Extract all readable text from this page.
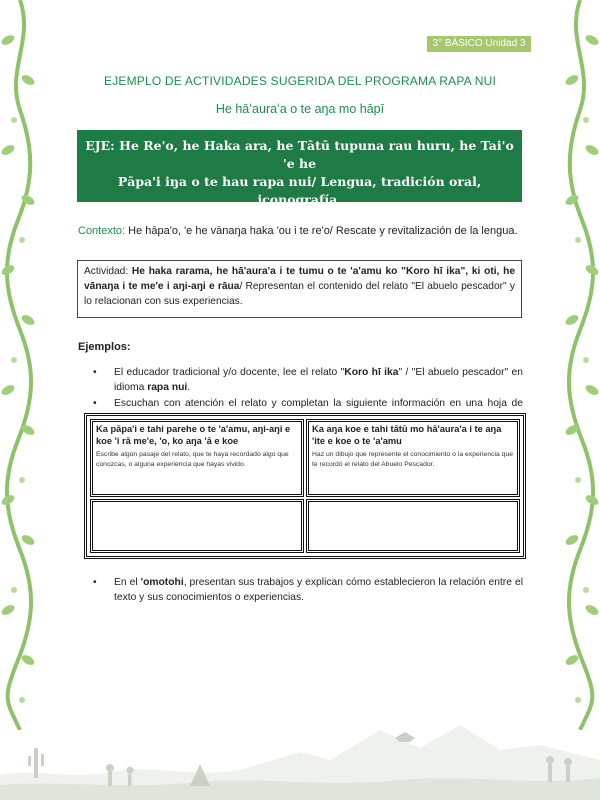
3° BÁSICO Unidad 3
EJEMPLO DE ACTIVIDADES SUGERIDA DEL PROGRAMA RAPA NUI
He hāʻauraʻa o te aŋa mo hāpī
EJE: He Re'o, he Haka ara, he Tātū tupuna rau huru, he Tai'o 'e he
Pāpa'i iŋa o te hau rapa nui/ Lengua, tradición oral, iconografía,
prácticas de lectura y escritura de los pueblos originarios.
Contexto: He hāpa'o, 'e he vānaŋa haka 'ou i te re'o/ Rescate y revitalización de la lengua.
Actividad: He haka rarama, he hā'aura'a i te tumu o te 'a'amu ko "Koro hī ika", ki oti, he vānaŋa i te me'e i aŋi-aŋi e rāua/ Representan el contenido del relato "El abuelo pescador" y lo relacionan con sus experiencias.
Ejemplos:
• El educador tradicional y/o docente, lee el relato "Koro hī ika" / "El abuelo pescador" en idioma rapa nui.
• Escuchan con atención el relato y completan la siguiente información en una hoja de
Ka pāpa'i e tahi parehe o te 'a'amu, aŋi-aŋi e koe 'i rā me'e, 'o, ko aŋa 'ā e koe
Escribe algún pasaje del relato, que te haya recordado algo que conozcas, o alguna experiencia que hayas vivido.
Ka aŋa koe e tahi tātū mo hā'aura'a i te aŋa 'ite e koe o te 'a'amu
Haz un dibujo que represente el conocimiento o la experiencia que te recordó el relato del Abuelo Pescador.
• En el 'omotohi, presentan sus trabajos y explican cómo establecieron la relación entre el texto y sus conocimientos o experiencias.
